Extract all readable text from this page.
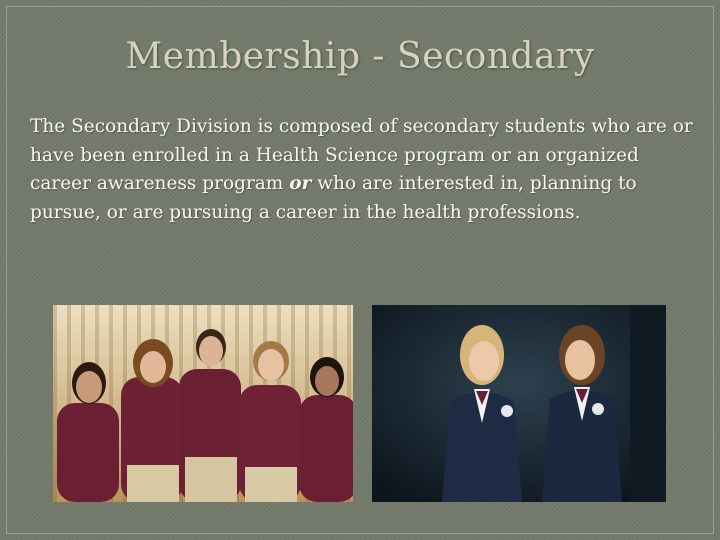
Membership - Secondary

The Secondary Division is composed of secondary students who are or have been enrolled in a Health Science program or an organized career awareness program or who are interested in, planning to pursue, or are pursuing a career in the health professions.
